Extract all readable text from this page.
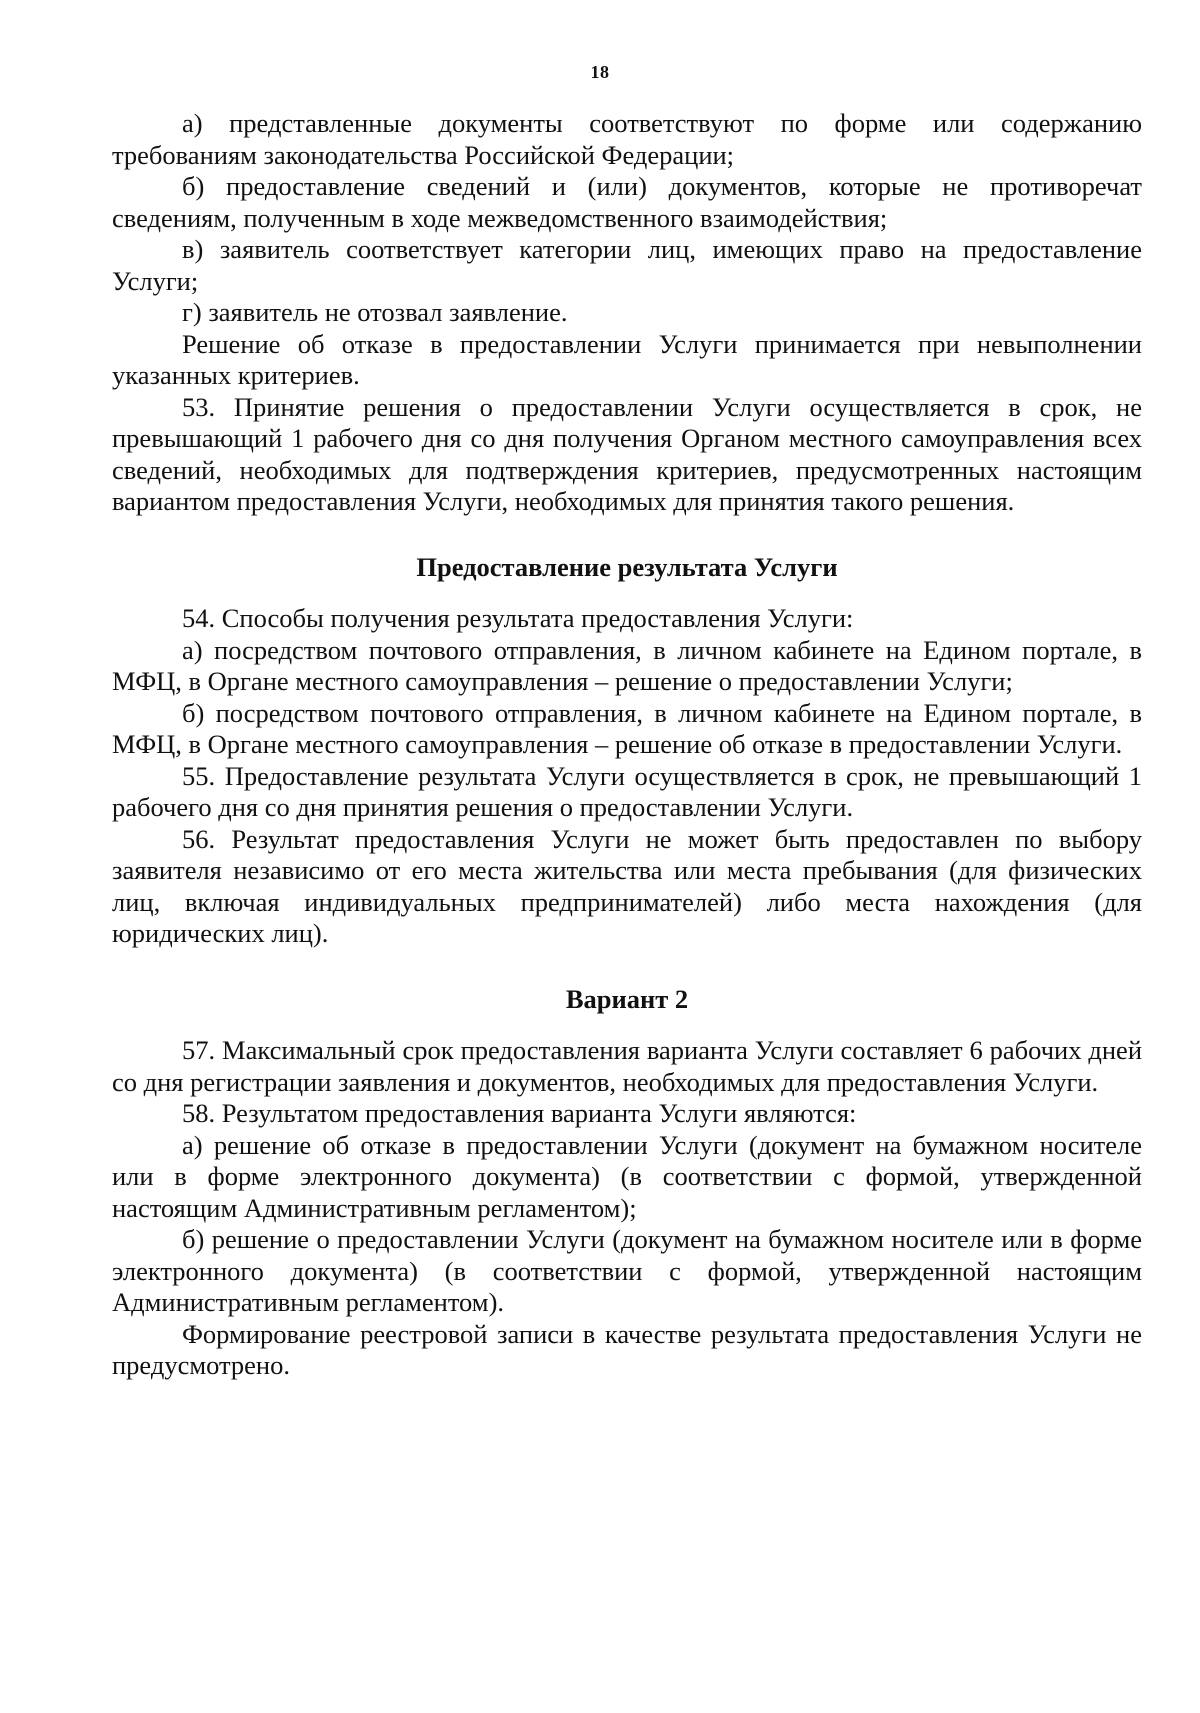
18

а) представленные документы соответствуют по форме или содержанию требованиям законодательства Российской Федерации;

б) предоставление сведений и (или) документов, которые не противоречат сведениям, полученным в ходе межведомственного взаимодействия;

в) заявитель соответствует категории лиц, имеющих право на предоставление Услуги;

г) заявитель не отозвал заявление.

Решение об отказе в предоставлении Услуги принимается при невыполнении указанных критериев.

53. Принятие решения о предоставлении Услуги осуществляется в срок, не превышающий 1 рабочего дня со дня получения Органом местного самоуправления всех сведений, необходимых для подтверждения критериев, предусмотренных настоящим вариантом предоставления Услуги, необходимых для принятия такого решения.

Предоставление результата Услуги

54. Способы получения результата предоставления Услуги:

а) посредством почтового отправления, в личном кабинете на Едином портале, в МФЦ, в Органе местного самоуправления – решение о предоставлении Услуги;

б) посредством почтового отправления, в личном кабинете на Едином портале, в МФЦ, в Органе местного самоуправления – решение об отказе в предоставлении Услуги.

55. Предоставление результата Услуги осуществляется в срок, не превышающий 1 рабочего дня со дня принятия решения о предоставлении Услуги.

56. Результат предоставления Услуги не может быть предоставлен по выбору заявителя независимо от его места жительства или места пребывания (для физических лиц, включая индивидуальных предпринимателей) либо места нахождения (для юридических лиц).

Вариант 2

57. Максимальный срок предоставления варианта Услуги составляет 6 рабочих дней со дня регистрации заявления и документов, необходимых для предоставления Услуги.

58. Результатом предоставления варианта Услуги являются:

а) решение об отказе в предоставлении Услуги (документ на бумажном носителе или в форме электронного документа) (в соответствии с формой, утвержденной настоящим Административным регламентом);

б) решение о предоставлении Услуги (документ на бумажном носителе или в форме электронного документа) (в соответствии с формой, утвержденной настоящим Административным регламентом).

Формирование реестровой записи в качестве результата предоставления Услуги не предусмотрено.
